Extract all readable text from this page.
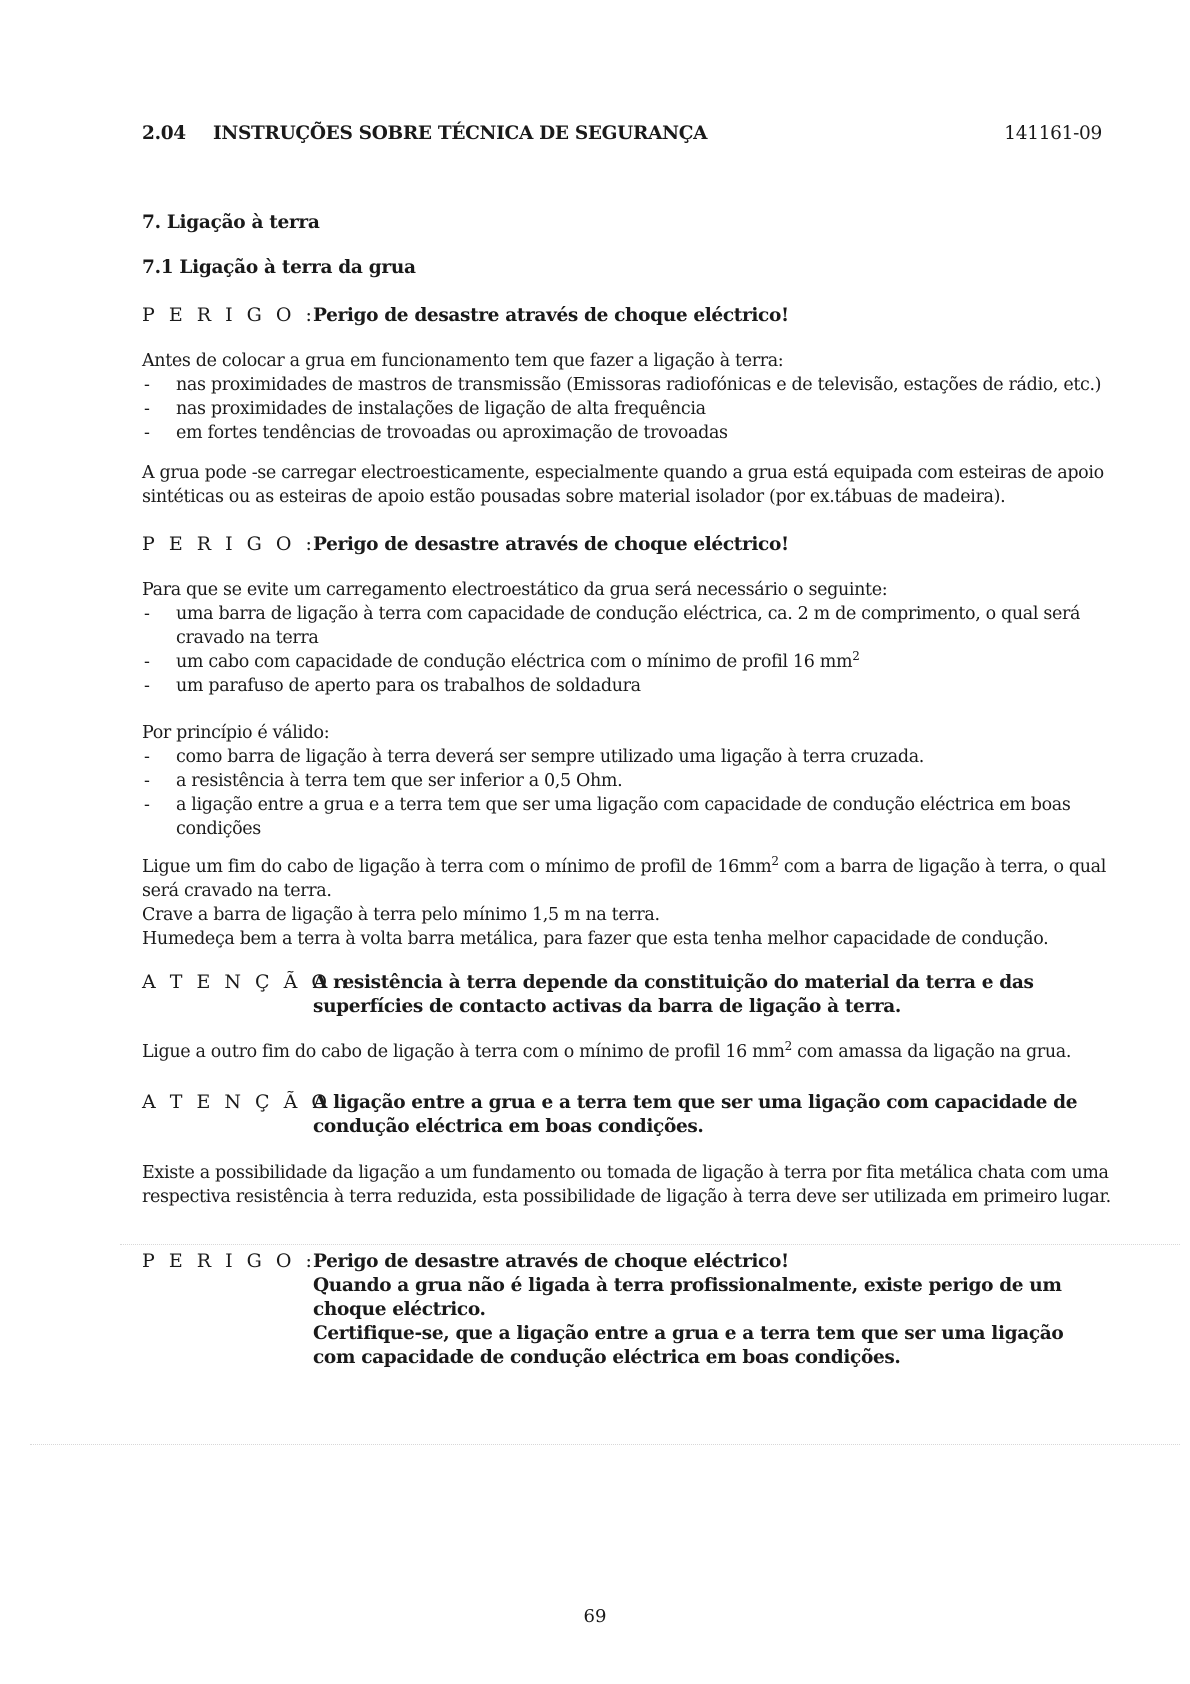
2.04 INSTRUÇÕES SOBRE TÉCNICA DE SEGURANÇA	141161-09
7. Ligação à terra
7.1 Ligação à terra da grua
P E R I G O :
Perigo de desastre através de choque eléctrico!

Antes de colocar a grua em funcionamento tem que fazer a ligação à terra:

- nas proximidades de mastros de transmissão (Emissoras radiofónicas e de televisão, estações de rádio, etc.)
- nas proximidades de instalações de ligação de alta frequência
- em fortes tendências de trovoadas ou aproximação de trovoadas
A grua pode -se carregar electroesticamente, especialmente quando a grua está equipada com esteiras de apoio sintéticas ou as esteiras de apoio estão pousadas sobre material isolador (por ex.tábuas de madeira).
P E R I G O :
Perigo de desastre através de choque eléctrico!

Para que se evite um carregamento electroestático da grua será necessário o seguinte:

- uma barra de ligação à terra com capacidade de condução eléctrica, ca. 2 m de comprimento, o qual será cravado na terra
- um cabo com capacidade de condução eléctrica com o mínimo de profil 16 $mm^2$
- um parafuso de aperto para os trabalhos de soldadura

Por princípio é válido:

- como barra de ligação à terra deverá ser sempre utilizado uma ligação à terra cruzada.
- a resistência à terra tem que ser inferior a 0,5 Ohm.
- a ligação entre a grua e a terra tem que ser uma ligação com capacidade de condução eléctrica em boas condições

Ligue um fim do cabo de ligação à terra com o mínimo de profil de $16mm^2$ com a barra de ligação à terra, o qual será cravado na terra.

Crave a barra de ligação à terra pelo mínimo 1,5 m na terra.

Humedeça bem a terra à volta barra metálica, para fazer que esta tenha melhor capacidade de condução.

A T E N Ç Ã O :
A resistência à terra depende da constituição do material da terra e das superfícies de contacto activas da barra de ligação à terra.
Ligue a outro fim do cabo de ligação à terra com o mínimo de profil 16 $mm^2$ com amassa da ligação na grua.
A T E N Ç Ã O :
A ligação entre a grua e a terra tem que ser uma ligação com capacidade de condução eléctrica em boas condições.
Existe a possibilidade da ligação a um fundamento ou tomada de ligação à terra por fita metálica chata com uma respectiva resistência à terra reduzida, esta possibilidade de ligação à terra deve ser utilizada em primeiro lugar.
P E R I G O :
Perigo de desastre através de choque eléctrico!
Quando a grua não é ligada à terra profissionalmente, existe perigo de um choque eléctrico.
Certifique-se, que a ligação entre a grua e a terra tem que ser uma ligação com capacidade de condução eléctrica em boas condições.
69
